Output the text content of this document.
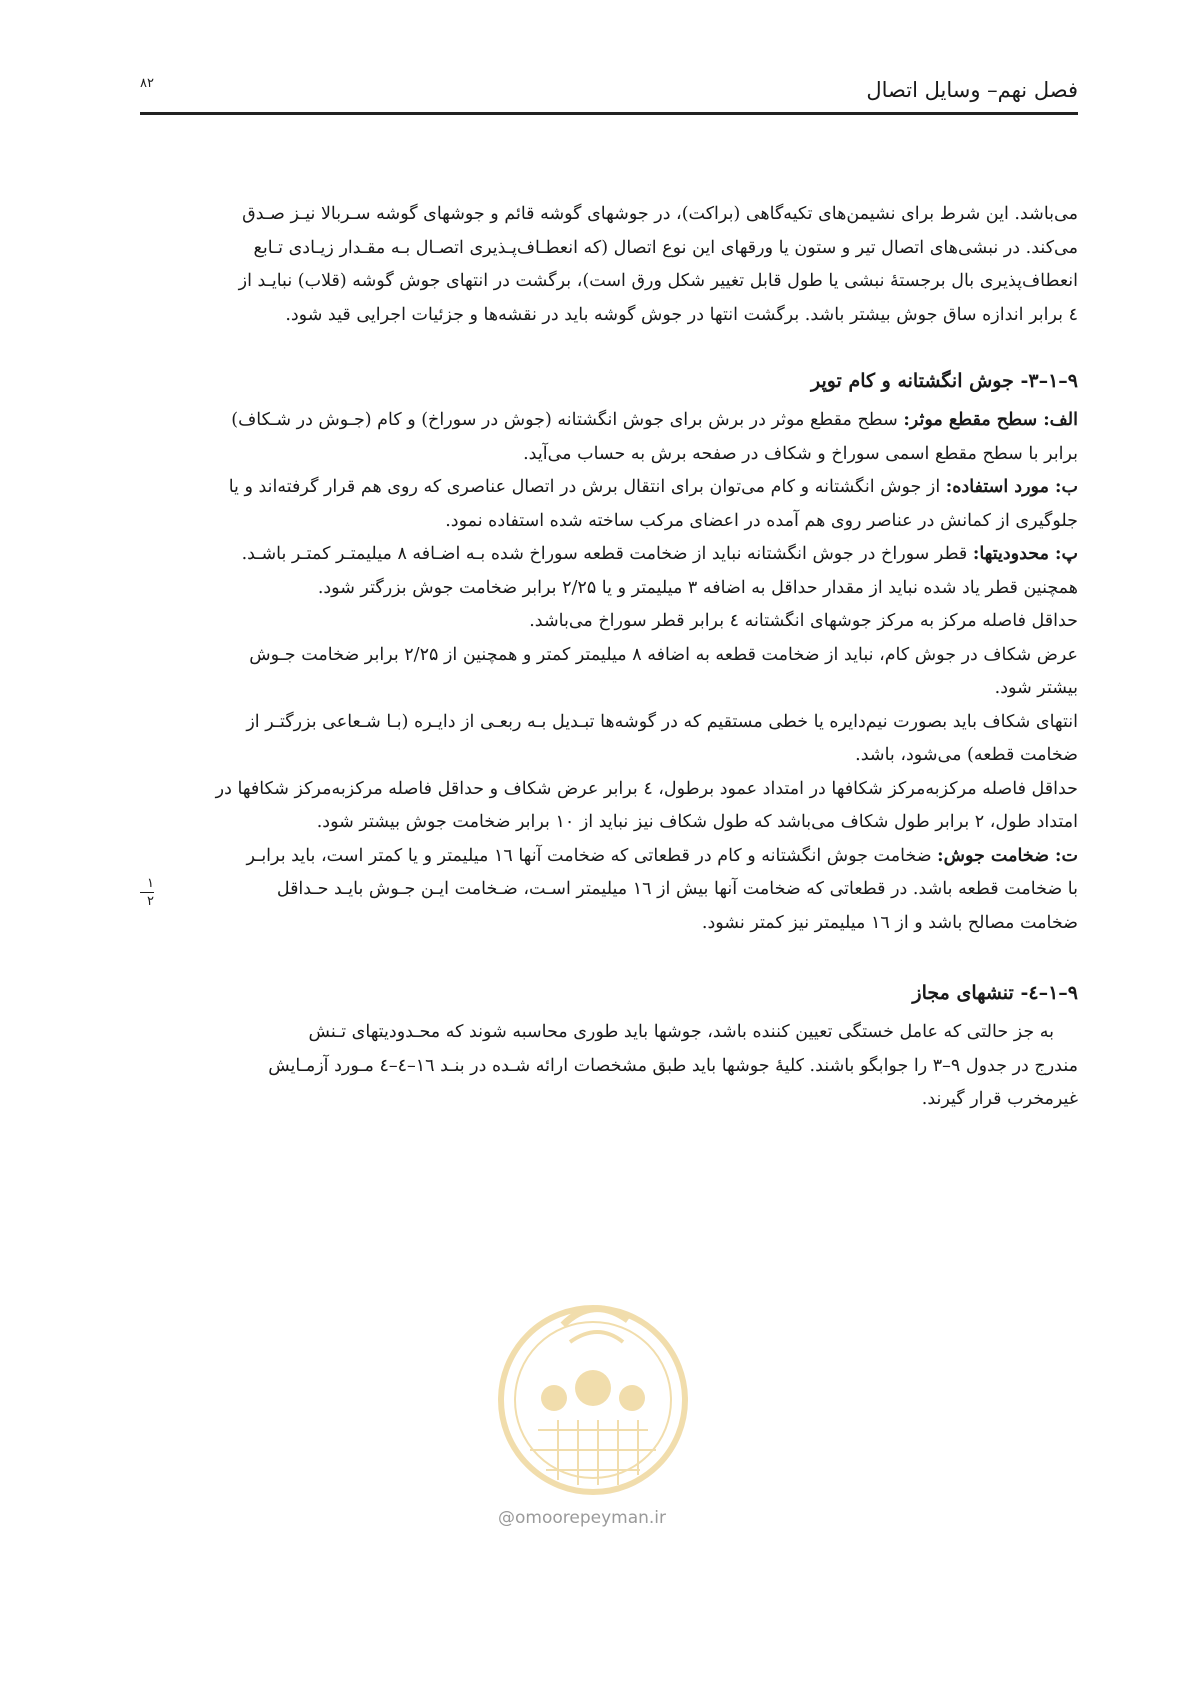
فصل نهم– وسایل اتصال
۸۲

می‌باشد. این شرط برای نشیمن‌های تکیه‌گاهی (براکت)، در جوشهای گوشه قائم و جوشهای گوشه سـربالا نیـز صـدق

می‌کند. در نبشی‌های اتصال تیر و ستون یا ورقهای این نوع اتصال (که انعطـاف‌پـذیری اتصـال بـه مقـدار زیـادی تـابع

انعطاف‌پذیری بال برجستهٔ نبشی یا طول قابل تغییر شکل ورق است)، برگشت در انتهای جوش گوشه (قلاب) نبایـد از

٤ برابر اندازه ساق جوش بیشتر باشد. برگشت انتها در جوش گوشه باید در نقشه‌ها و جزئیات اجرایی قید شود.

۹–۱–۳- جوش انگشتانه و کام توپر

الف: سطح مقطع موثر: سطح مقطع موثر در برش برای جوش انگشتانه (جوش در سوراخ) و کام (جـوش در شـکاف)

برابر با سطح مقطع اسمی سوراخ و شکاف در صفحه برش به حساب می‌آید.

ب: مورد استفاده: از جوش انگشتانه و کام می‌توان برای انتقال برش در اتصال عناصری که روی هم قرار گرفته‌اند و یا

جلوگیری از کمانش در عناصر روی هم آمده در اعضای مرکب ساخته شده استفاده نمود.

پ: محدودیتها: قطر سوراخ در جوش انگشتانه نباید از ضخامت قطعه سوراخ شده بـه اضـافه ۸ میلیمتـر کمتـر باشـد.

همچنین قطر یاد شده نباید از مقدار حداقل به اضافه ۳ میلیمتر و یا ۲/۲۵ برابر ضخامت جوش بزرگتر شود.

حداقل فاصله مرکز به مرکز جوشهای انگشتانه ٤ برابر قطر سوراخ می‌باشد.

عرض شکاف در جوش کام، نباید از ضخامت قطعه به اضافه ۸ میلیمتر کمتر و همچنین از ۲/۲۵ برابر ضخامت جـوش

بیشتر شود.

انتهای شکاف باید بصورت نیم‌دایره یا خطی مستقیم که در گوشه‌ها تبـدیل بـه ربعـی از دایـره (بـا شـعاعی بزرگتـر از

ضخامت قطعه) می‌شود، باشد.

حداقل فاصله مرکزبه‌مرکز شکافها در امتداد عمود برطول، ٤ برابر عرض شکاف و حداقل فاصله مرکزبه‌مرکز شکافها در

امتداد طول، ۲ برابر طول شکاف می‌باشد که طول شکاف نیز نباید از ۱۰ برابر ضخامت جوش بیشتر شود.

ت: ضخامت جوش: ضخامت جوش انگشتانه و کام در قطعاتی که ضخامت آنها ۱٦ میلیمتر و یا کمتر است، باید برابـر

با ضخامت قطعه باشد. در قطعاتی که ضخامت آنها بیش از ۱٦ میلیمتر اسـت، ضـخامت ایـن جـوش بایـد حـداقل
۱
۲

ضخامت مصالح باشد و از ۱٦ میلیمتر نیز کمتر نشود.

۹–۱–٤- تنشهای مجاز

به جز حالتی که عامل خستگی تعیین کننده باشد، جوشها باید طوری محاسبه شوند که محـدودیتهای تـنش

مندرج در جدول ۹–۳ را جوابگو باشند. کلیهٔ جوشها باید طبق مشخصات ارائه شـده در بنـد ۱٦–٤–٤ مـورد آزمـایش

غیرمخرب قرار گیرند.

@omoorepeyman.ir
